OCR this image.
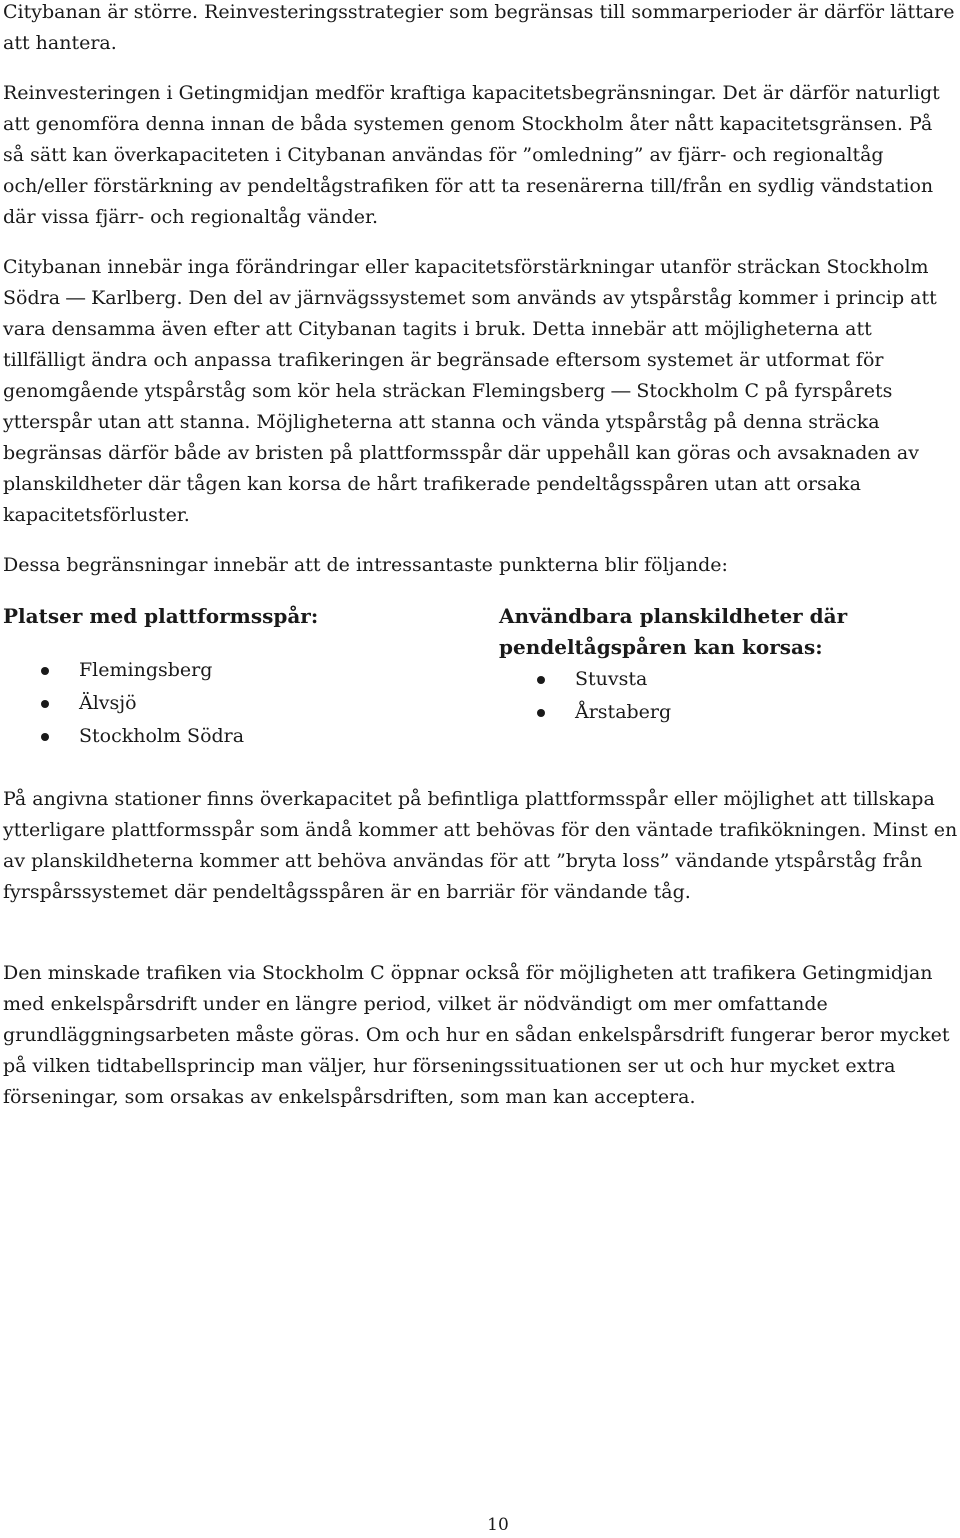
Citybanan är större. Reinvesteringsstrategier som begränsas till sommarperioder är därför lättare att hantera.

Reinvesteringen i Getingmidjan medför kraftiga kapacitetsbegränsningar. Det är därför naturligt att genomföra denna innan de båda systemen genom Stockholm åter nått kapacitetsgränsen. På så sätt kan överkapaciteten i Citybanan användas för ”omledning” av fjärr- och regionaltåg och/eller förstärkning av pendeltågstrafiken för att ta resenärerna till/från en sydlig vändstation där vissa fjärr- och regionaltåg vänder.

Citybanan innebär inga förändringar eller kapacitetsförstärkningar utanför sträckan Stockholm Södra ― Karlberg. Den del av järnvägssystemet som används av ytspårståg kommer i princip att vara densamma även efter att Citybanan tagits i bruk. Detta innebär att möjligheterna att tillfälligt ändra och anpassa trafikeringen är begränsade eftersom systemet är utformat för genomgående ytspårståg som kör hela sträckan Flemingsberg ― Stockholm C på fyrspårets ytterspår utan att stanna. Möjligheterna att stanna och vända ytspårståg på denna sträcka begränsas därför både av bristen på plattformsspår där uppehåll kan göras och avsaknaden av planskildheter där tågen kan korsa de hårt trafikerade pendeltågsspåren utan att orsaka kapacitetsförluster.

Dessa begränsningar innebär att de intressantaste punkterna blir följande:

Platser med plattformsspår:

Flemingsberg
Älvsjö
Stockholm Södra

Användbara planskildheter där pendeltågspåren kan korsas:

Stuvsta
Årstaberg

På angivna stationer finns överkapacitet på befintliga plattformsspår eller möjlighet att tillskapa ytterligare plattformsspår som ändå kommer att behövas för den väntade trafikökningen. Minst en av planskildheterna kommer att behöva användas för att ”bryta loss” vändande ytspårståg från fyrspårssystemet där pendeltågsspåren är en barriär för vändande tåg.

Den minskade trafiken via Stockholm C öppnar också för möjligheten att trafikera Getingmidjan med enkelspårsdrift under en längre period, vilket är nödvändigt om mer omfattande grundläggningsarbeten måste göras. Om och hur en sådan enkelspårsdrift fungerar beror mycket på vilken tidtabellsprincip man väljer, hur förseningssituationen ser ut och hur mycket extra förseningar, som orsakas av enkelspårsdriften, som man kan acceptera.

10
